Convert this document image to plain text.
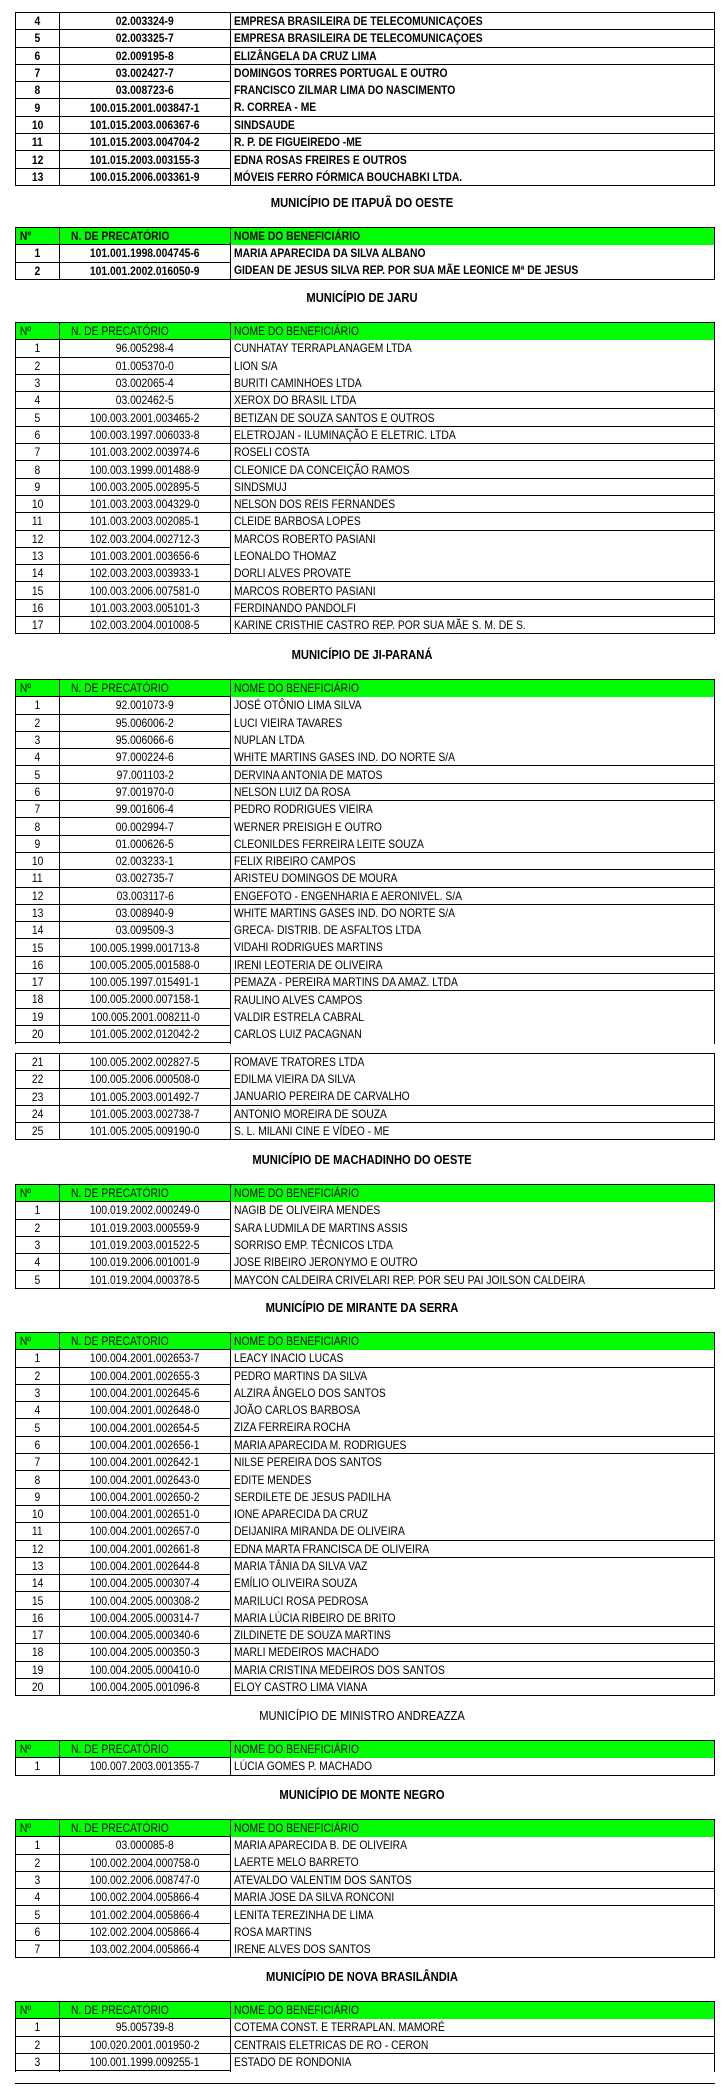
4	02.003324-9	EMPRESA BRASILEIRA DE TELECOMUNICAÇOES
5	02.003325-7	EMPRESA BRASILEIRA DE TELECOMUNICAÇOES
6	02.009195-8	ELIZÂNGELA DA CRUZ LIMA
7	03.002427-7	DOMINGOS TORRES PORTUGAL E OUTRO
8	03.008723-6	FRANCISCO ZILMAR LIMA DO NASCIMENTO
9	100.015.2001.003847-1	R. CORREA - ME
10	101.015.2003.006367-6	SINDSAUDE
11	101.015.2003.004704-2	R. P. DE FIGUEIREDO -ME
12	101.015.2003.003155-3	EDNA ROSAS FREIRES E OUTROS
13	100.015.2006.003361-9	MÓVEIS FERRO FÓRMICA BOUCHABKI LTDA.
MUNICÍPIO DE ITAPUÃ DO OESTE
Nº	N. DE PRECATÓRIO	NOME DO BENEFICIÁRIO
1	101.001.1998.004745-6	MARIA APARECIDA DA SILVA ALBANO
2	101.001.2002.016050-9	GIDEAN DE JESUS SILVA REP. POR SUA MÃE LEONICE Mª DE JESUS
MUNICÍPIO DE JARU
Nº	N. DE PRECATÓRIO	NOME DO BENEFICIÁRIO
1	96.005298-4	CUNHATAY TERRAPLANAGEM LTDA
2	01.005370-0	LION S/A
3	03.002065-4	BURITI CAMINHOES LTDA
4	03.002462-5	XEROX DO BRASIL LTDA
5	100.003.2001.003465-2	BETIZAN DE SOUZA SANTOS E OUTROS
6	100.003.1997.006033-8	ELETROJAN - ILUMINAÇÃO E ELETRIC. LTDA
7	101.003.2002.003974-6	ROSELI COSTA
8	100.003.1999.001488-9	CLEONICE DA CONCEIÇÃO RAMOS
9	100.003.2005.002895-5	SINDSMUJ
10	101.003.2003.004329-0	NELSON DOS REIS FERNANDES
11	101.003.2003.002085-1	CLEIDE BARBOSA LOPES
12	102.003.2004.002712-3	MARCOS ROBERTO PASIANI
13	101.003.2001.003656-6	LEONALDO THOMAZ
14	102.003.2003.003933-1	DORLI ALVES PROVATE
15	100.003.2006.007581-0	MARCOS ROBERTO PASIANI
16	101.003.2003.005101-3	FERDINANDO PANDOLFI
17	102.003.2004.001008-5	KARINE CRISTHIE CASTRO REP. POR SUA MÃE S. M. DE S.
MUNICÍPIO DE JI-PARANÁ
Nº	N. DE PRECATÓRIO	NOME DO BENEFICIÁRIO
1	92.001073-9	JOSÉ OTÔNIO LIMA SILVA
2	95.006006-2	LUCI VIEIRA TAVARES
3	95.006066-6	NUPLAN LTDA
4	97.000224-6	WHITE MARTINS GASES IND. DO NORTE S/A
5	97.001103-2	DERVINA ANTONIA DE MATOS
6	97.001970-0	NELSON LUIZ DA ROSA
7	99.001606-4	PEDRO RODRIGUES VIEIRA
8	00.002994-7	WERNER PREISIGH E OUTRO
9	01.000626-5	CLEONILDES FERREIRA LEITE SOUZA
10	02.003233-1	FELIX RIBEIRO CAMPOS
11	03.002735-7	ARISTEU DOMINGOS DE MOURA
12	03.003117-6	ENGEFOTO - ENGENHARIA E AERONIVEL. S/A
13	03.008940-9	WHITE MARTINS GASES IND. DO NORTE S/A
14	03.009509-3	GRECA- DISTRIB. DE ASFALTOS LTDA
15	100.005.1999.001713-8	VIDAHI RODRIGUES MARTINS
16	100.005.2005.001588-0	IRENI LEOTERIA DE OLIVEIRA
17	100.005.1997.015491-1	PEMAZA - PEREIRA MARTINS DA AMAZ. LTDA
18	100.005.2000.007158-1	RAULINO ALVES CAMPOS
19	100.005.2001.008211-0	VALDIR ESTRELA CABRAL
20	101.005.2002.012042-2	CARLOS LUIZ PACAGNAN

21	100.005.2002.002827-5	ROMAVE TRATORES LTDA
22	100.005.2006.000508-0	EDILMA VIEIRA DA SILVA
23	101.005.2003.001492-7	JANUARIO PEREIRA DE CARVALHO
24	101.005.2003.002738-7	ANTONIO MOREIRA DE SOUZA
25	101.005.2005.009190-0	S. L. MILANI CINE E VÍDEO - ME
MUNICÍPIO DE MACHADINHO DO OESTE
Nº	N. DE PRECATÓRIO	NOME DO BENEFICIÁRIO
1	100.019.2002.000249-0	NAGIB DE OLIVEIRA MENDES
2	101.019.2003.000559-9	SARA LUDMILA DE MARTINS ASSIS
3	101.019.2003.001522-5	SORRISO EMP. TÉCNICOS LTDA
4	100.019.2006.001001-9	JOSE RIBEIRO JERONYMO E OUTRO
5	101.019.2004.000378-5	MAYCON CALDEIRA CRIVELARI REP. POR SEU PAI JOILSON CALDEIRA
MUNICÍPIO DE MIRANTE DA SERRA
Nº	N. DE PRECATORIO	NOME DO BENEFICIARIO
1	100.004.2001.002653-7	LEACY INACIO LUCAS
2	100.004.2001.002655-3	PEDRO MARTINS DA SILVA
3	100.004.2001.002645-6	ALZIRA ÂNGELO DOS SANTOS
4	100.004.2001.002648-0	JOÃO CARLOS BARBOSA
5	100.004.2001.002654-5	ZIZA FERREIRA ROCHA
6	100.004.2001.002656-1	MARIA APARECIDA M. RODRIGUES
7	100.004.2001.002642-1	NILSE PEREIRA DOS SANTOS
8	100.004.2001.002643-0	EDITE MENDES
9	100.004.2001.002650-2	SERDILETE DE JESUS PADILHA
10	100.004.2001.002651-0	IONE APARECIDA DA CRUZ
11	100.004.2001.002657-0	DEIJANIRA MIRANDA DE OLIVEIRA
12	100.004.2001.002661-8	EDNA MARTA FRANCISCA DE OLIVEIRA
13	100.004.2001.002644-8	MARIA TÂNIA DA SILVA VAZ
14	100.004.2005.000307-4	EMÍLIO OLIVEIRA SOUZA
15	100.004.2005.000308-2	MARILUCI ROSA PEDROSA
16	100.004.2005.000314-7	MARIA LÚCIA RIBEIRO DE BRITO
17	100.004.2005.000340-6	ZILDINETE DE SOUZA MARTINS
18	100.004.2005.000350-3	MARLI MEDEIROS MACHADO
19	100.004.2005.000410-0	MARIA CRISTINA MEDEIROS DOS SANTOS
20	100.004.2005.001096-8	ELOY CASTRO LIMA VIANA
MUNICÍPIO DE MINISTRO ANDREAZZA
Nº	N. DE PRECATÓRIO	NOME DO BENEFICIÁRIO
1	100.007.2003.001355-7	LÚCIA GOMES P. MACHADO
MUNICÍPIO DE MONTE NEGRO
Nº	N. DE PRECATÓRIO	NOME DO BENEFICIÁRIO
1	03.000085-8	MARIA APARECIDA B. DE OLIVEIRA
2	100.002.2004.000758-0	LAERTE MELO BARRETO
3	100.002.2006.008747-0	ATEVALDO VALENTIM DOS SANTOS
4	100.002.2004.005866-4	MARIA JOSE DA SILVA RONCONI
5	101.002.2004.005866-4	LENITA TEREZINHA DE LIMA
6	102.002.2004.005866-4	ROSA MARTINS
7	103.002.2004.005866-4	IRENE ALVES DOS SANTOS
MUNICÍPIO DE NOVA BRASILÂNDIA
Nº	N. DE PRECATÓRIO	NOME DO BENEFICIÁRIO
1	95.005739-8	COTEMA CONST. E TERRAPLAN. MAMORÉ
2	100.020.2001.001950-2	CENTRAIS ELETRICAS DE RO - CERON
3	100.001.1999.009255-1	ESTADO DE RONDONIA
